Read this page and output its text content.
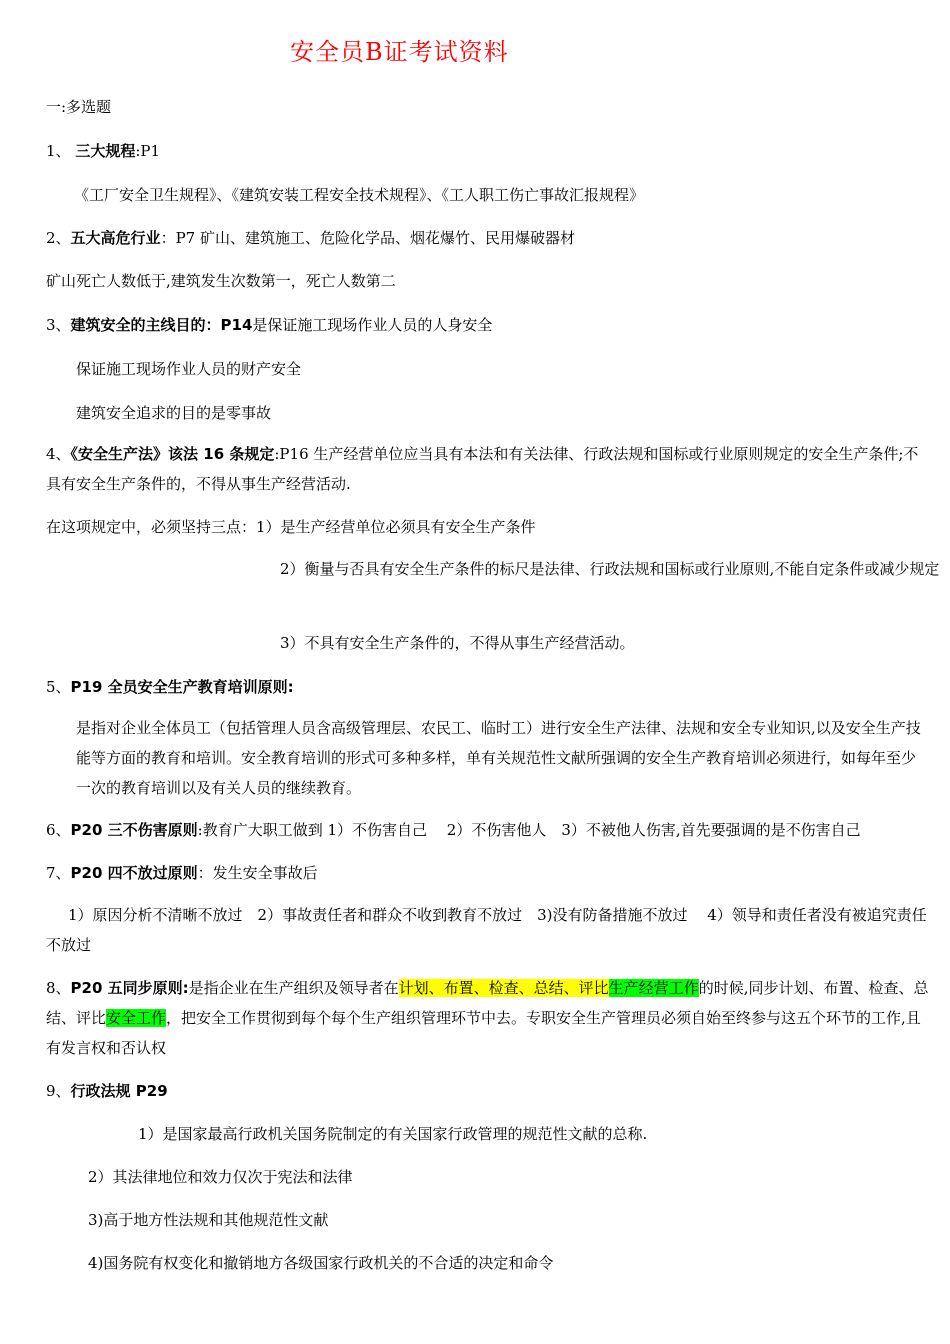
安全员B证考试资料
一:多选题
1、 三大规程:P1
《工厂安全卫生规程》、《建筑安装工程安全技术规程》、《工人职工伤亡事故汇报规程》
2、五大高危行业：P7 矿山、建筑施工、危险化学品、烟花爆竹、民用爆破器材
矿山死亡人数低于,建筑发生次数第一，死亡人数第二
3、建筑安全的主线目的：P14是保证施工现场作业人员的人身安全
保证施工现场作业人员的财产安全
建筑安全追求的目的是零事故
4、《安全生产法》该法 16 条规定:P16 生产经营单位应当具有本法和有关法律、行政法规和国标或行业原则规定的安全生产条件;不具有安全生产条件的，不得从事生产经营活动.
在这项规定中，必须坚持三点：1）是生产经营单位必须具有安全生产条件
2）衡量与否具有安全生产条件的标尺是法律、行政法规和国标或行业原则,不能自定条件或减少规定
3）不具有安全生产条件的，不得从事生产经营活动。
5、P19 全员安全生产教育培训原则:
是指对企业全体员工（包括管理人员含高级管理层、农民工、临时工）进行安全生产法律、法规和安全专业知识,以及安全生产技能等方面的教育和培训。安全教育培训的形式可多种多样，单有关规范性文献所强调的安全生产教育培训必须进行，如每年至少一次的教育培训以及有关人员的继续教育。
6、P20 三不伤害原则:教育广大职工做到 1）不伤害自己　 2）不伤害他人　3）不被他人伤害,首先要强调的是不伤害自己
7、P20 四不放过原则：发生安全事故后
1）原因分析不清晰不放过　2）事故责任者和群众不收到教育不放过　3)没有防备措施不放过　 4）领导和责任者没有被追究责任不放过
8、P20 五同步原则:是指企业在生产组织及领导者在计划、布置、检查、总结、评比生产经营工作的时候,同步计划、布置、检查、总结、评比安全工作，把安全工作贯彻到每个每个生产组织管理环节中去。专职安全生产管理员必须自始至终参与这五个环节的工作,且有发言权和否认权
9、行政法规 P29
1）是国家最高行政机关国务院制定的有关国家行政管理的规范性文献的总称.
2）其法律地位和效力仅次于宪法和法律
3)高于地方性法规和其他规范性文献
4)国务院有权变化和撤销地方各级国家行政机关的不合适的决定和命令
